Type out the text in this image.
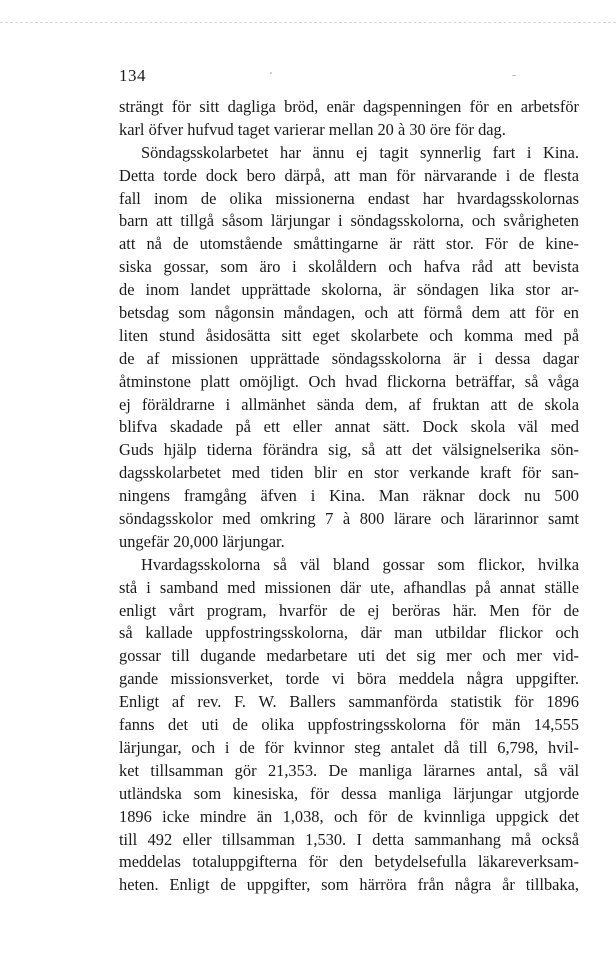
134
strängt för sitt dagliga bröd, enär dagspenningen för en arbetsför
karl öfver hufvud taget varierar mellan 20 à 30 öre för dag.
Söndagsskolarbetet har ännu ej tagit synnerlig fart i Kina.
Detta torde dock bero därpå, att man för närvarande i de flesta
fall inom de olika missionerna endast har hvardagsskolornas
barn att tillgå såsom lärjungar i söndagsskolorna, och svårigheten
att nå de utomstående småttingarne är rätt stor. För de kine-
siska gossar, som äro i skolåldern och hafva råd att bevista
de inom landet upprättade skolorna, är söndagen lika stor ar-
betsdag som någonsin måndagen, och att förmå dem att för en
liten stund åsidosätta sitt eget skolarbete och komma med på
de af missionen upprättade söndagsskolorna är i dessa dagar
åtminstone platt omöjligt. Och hvad flickorna beträffar, så våga
ej föräldrarne i allmänhet sända dem, af fruktan att de skola
blifva skadade på ett eller annat sätt. Dock skola väl med
Guds hjälp tiderna förändra sig, så att det välsignelserika sön-
dagsskolarbetet med tiden blir en stor verkande kraft för san-
ningens framgång äfven i Kina. Man räknar dock nu 500
söndagsskolor med omkring 7 à 800 lärare och lärarinnor samt
ungefär 20,000 lärjungar.
Hvardagsskolorna så väl bland gossar som flickor, hvilka
stå i samband med missionen där ute, afhandlas på annat ställe
enligt vårt program, hvarför de ej beröras här. Men för de
så kallade uppfostringsskolorna, där man utbildar flickor och
gossar till dugande medarbetare uti det sig mer och mer vid-
gande missionsverket, torde vi böra meddela några uppgifter.
Enligt af rev. F. W. Ballers sammanförda statistik för 1896
fanns det uti de olika uppfostringsskolorna för män 14,555
lärjungar, och i de för kvinnor steg antalet då till 6,798, hvil-
ket tillsamman gör 21,353. De manliga lärarnes antal, så väl
utländska som kinesiska, för dessa manliga lärjungar utgjorde
1896 icke mindre än 1,038, och för de kvinnliga uppgick det
till 492 eller tillsamman 1,530. I detta sammanhang må också
meddelas totaluppgifterna för den betydelsefulla läkareverksam-
heten. Enligt de uppgifter, som härröra från några år tillbaka,
